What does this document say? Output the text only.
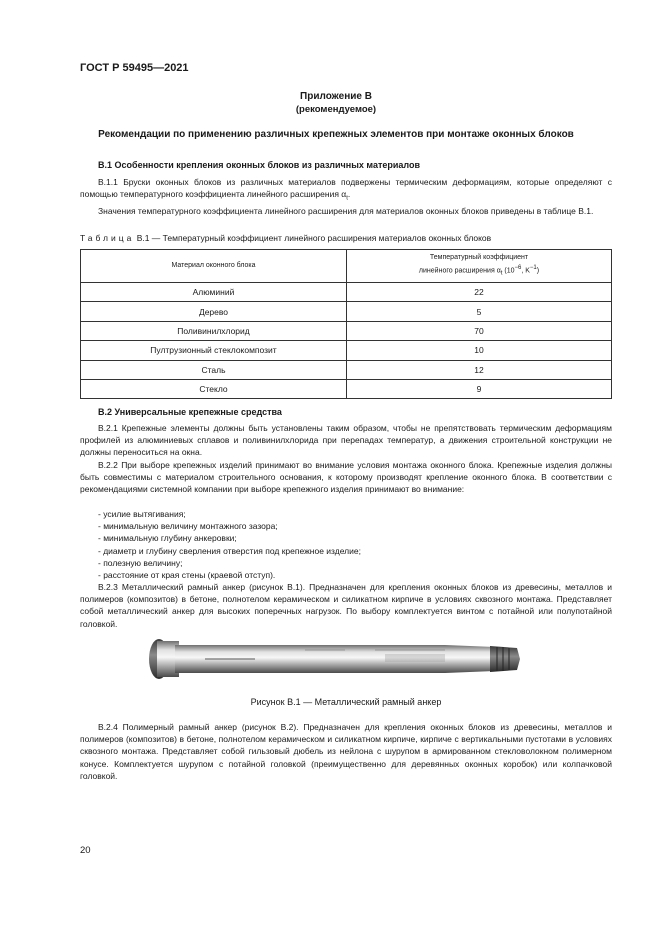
ГОСТ Р 59495—2021
Приложение В
(рекомендуемое)
Рекомендации по применению различных крепежных элементов при монтаже оконных блоков
В.1 Особенности крепления оконных блоков из различных материалов

В.1.1 Бруски оконных блоков из различных материалов подвержены термическим деформациям, которые определяют с помощью температурного коэффициента линейного расширения $\alpha_t$.

Значения температурного коэффициента линейного расширения для материалов оконных блоков приведены в таблице В.1.

Таблица В.1 — Температурный коэффициент линейного расширения материалов оконных блоков
Материал оконного блока	Температурный коэффициент
линейного расширения $\alpha_t$ ($10^{-6}$, $K^{-1}$)
Алюминий	22
Дерево	5
Поливинилхлорид	70
Пултрузионный стеклокомпозит	10
Сталь	12
Стекло	9
В.2 Универсальные крепежные средства

В.2.1 Крепежные элементы должны быть установлены таким образом, чтобы не препятствовать термическим деформациям профилей из алюминиевых сплавов и поливинилхлорида при перепадах температур, а движения строительной конструкции не должны переноситься на окна.

В.2.2 При выборе крепежных изделий принимают во внимание условия монтажа оконного блока. Крепежные изделия должны быть совместимы с материалом строительного основания, к которому производят крепление оконного блока. В соответствии с рекомендациями системной компании при выборе крепежного изделия принимают во внимание:

- усилие вытягивания;
- минимальную величину монтажного зазора;
- минимальную глубину анкеровки;
- диаметр и глубину сверления отверстия под крепежное изделие;
- полезную величину;
- расстояние от края стены (краевой отступ).

В.2.3 Металлический рамный анкер (рисунок В.1). Предназначен для крепления оконных блоков из древесины, металлов и полимеров (композитов) в бетоне, полнотелом керамическом и силикатном кирпиче в условиях сквозного монтажа. Представляет собой металлический анкер для высоких поперечных нагрузок. По выбору комплектуется винтом с потайной или полупотайной головкой.

Рисунок В.1 — Металлический рамный анкер

В.2.4 Полимерный рамный анкер (рисунок В.2). Предназначен для крепления оконных блоков из древесины, металлов и полимеров (композитов) в бетоне, полнотелом керамическом и силикатном кирпиче, кирпиче с вертикальными пустотами в условиях сквозного монтажа. Представляет собой гильзовый дюбель из нейлона с шурупом в армированном стекловолокном полимерном конусе. Комплектуется шурупом с потайной головкой (преимущественно для деревянных оконных коробок) или колпачковой головкой.

20
